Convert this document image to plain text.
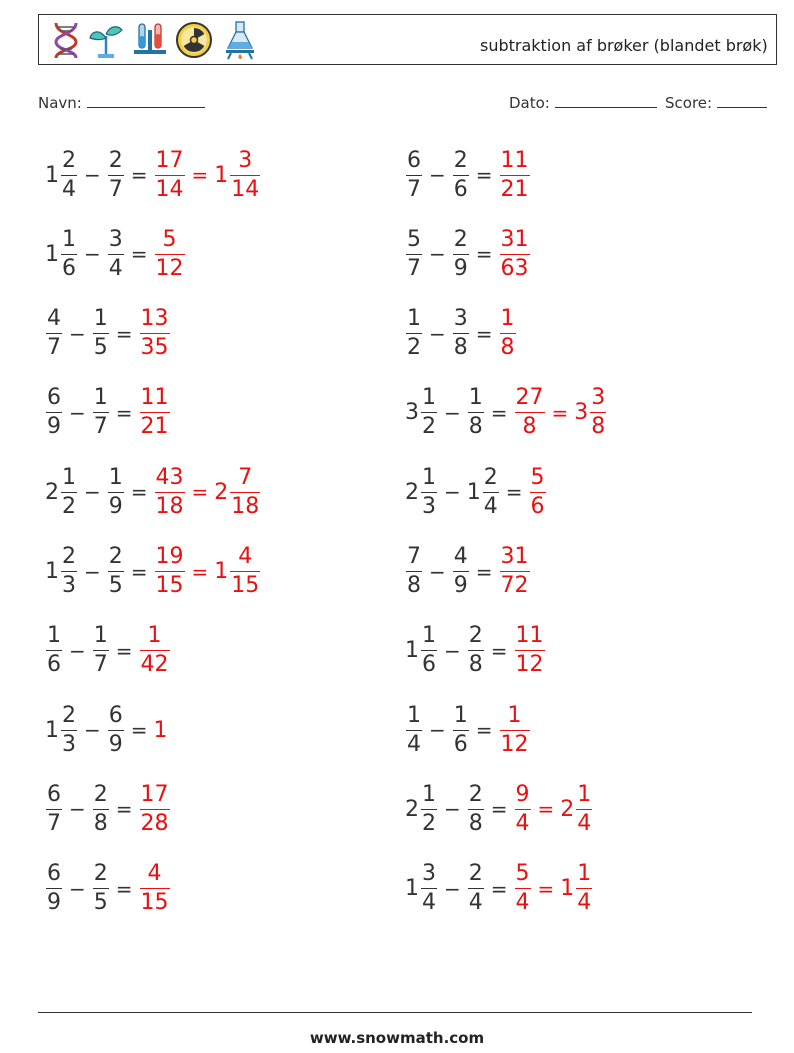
subtraktion af brøker (blandet brøk)
Navn:	Dato:	Score:
$1 \frac{2}{4} - \frac{2}{7} = \frac{17}{14} = 1 \frac{3}{14}$	$\frac{6}{7} - \frac{2}{6} = \frac{11}{21}$
$1 \frac{1}{6} - \frac{3}{4} = \frac{5}{12}$	$\frac{5}{7} - \frac{2}{9} = \frac{31}{63}$
$\frac{4}{7} - \frac{1}{5} = \frac{13}{35}$	$\frac{1}{2} - \frac{3}{8} = \frac{1}{8}$
$\frac{6}{9} - \frac{1}{7} = \frac{11}{21}$	$3 \frac{1}{2} - \frac{1}{8} = \frac{27}{8} = 3 \frac{3}{8}$
$2 \frac{1}{2} - \frac{1}{9} = \frac{43}{18} = 2 \frac{7}{18}$	$2 \frac{1}{3} - 1 \frac{2}{4} = \frac{5}{6}$
$1 \frac{2}{3} - \frac{2}{5} = \frac{19}{15} = 1 \frac{4}{15}$	$\frac{7}{8} - \frac{4}{9} = \frac{31}{72}$
$\frac{1}{6} - \frac{1}{7} = \frac{1}{42}$	$1 \frac{1}{6} - \frac{2}{8} = \frac{11}{12}$
$1 \frac{2}{3} - \frac{6}{9} = 1$	$\frac{1}{4} - \frac{1}{6} = \frac{1}{12}$
$\frac{6}{7} - \frac{2}{8} = \frac{17}{28}$	$2 \frac{1}{2} - \frac{2}{8} = \frac{9}{4} = 2 \frac{1}{4}$
$\frac{6}{9} - \frac{2}{5} = \frac{4}{15}$	$1 \frac{3}{4} - \frac{2}{4} = \frac{5}{4} = 1 \frac{1}{4}$
www.snowmath.com
